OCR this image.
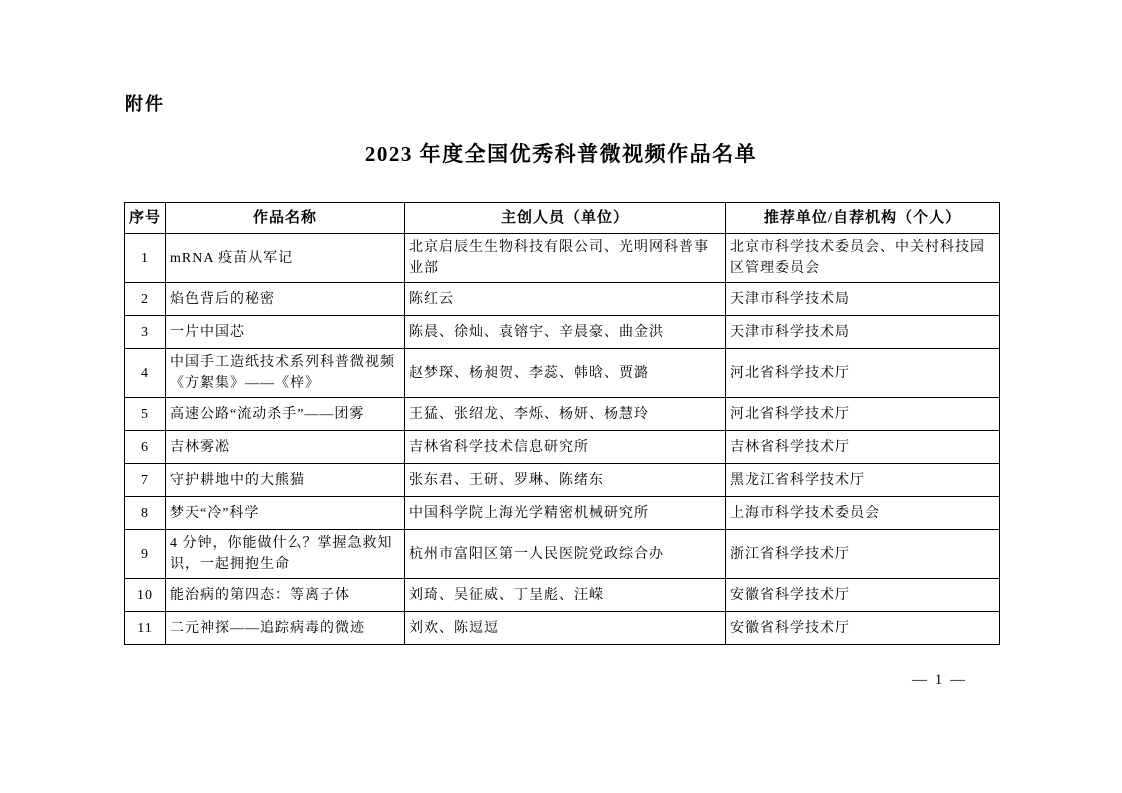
附件
2023 年度全国优秀科普微视频作品名单
序号	作品名称	主创人员（单位）	推荐单位/自荐机构（个人）
1	mRNA 疫苗从军记	北京启辰生生物科技有限公司、光明网科普事业部	北京市科学技术委员会、中关村科技园区管理委员会
2	焰色背后的秘密	陈红云	天津市科学技术局
3	一片中国芯	陈晨、徐灿、袁镕宇、辛晨豪、曲金洪	天津市科学技术局
4	中国手工造纸技术系列科普微视频《方絮集》——《梓》	赵梦琛、杨昶贺、李蕊、韩晗、贾潞	河北省科学技术厅
5	高速公路“流动杀手”——团雾	王猛、张绍龙、李烁、杨妍、杨慧玲	河北省科学技术厅
6	吉林雾凇	吉林省科学技术信息研究所	吉林省科学技术厅
7	守护耕地中的大熊猫	张东君、王研、罗琳、陈绪东	黑龙江省科学技术厅
8	梦天“冷”科学	中国科学院上海光学精密机械研究所	上海市科学技术委员会
9	4 分钟，你能做什么？掌握急救知识，一起拥抱生命	杭州市富阳区第一人民医院党政综合办	浙江省科学技术厅
10	能治病的第四态：等离子体	刘琦、吴征威、丁呈彪、汪嵘	安徽省科学技术厅
11	二元神探——追踪病毒的微迹	刘欢、陈逗逗	安徽省科学技术厅
— 1 —
